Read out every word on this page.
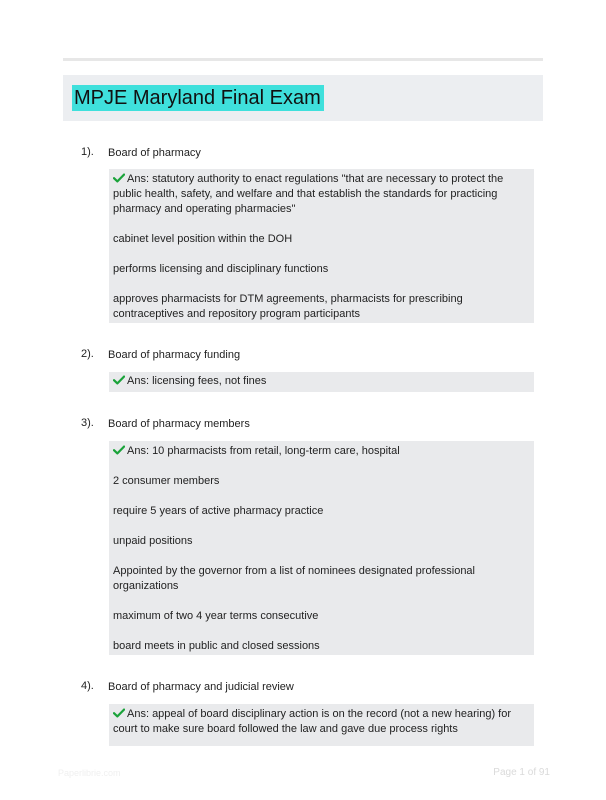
MPJE Maryland Final Exam
1). Board of pharmacy

Ans: statutory authority to enact regulations "that are necessary to protect the public health, safety, and welfare and that establish the standards for practicing pharmacy and operating pharmacies"

cabinet level position within the DOH

performs licensing and disciplinary functions

approves pharmacists for DTM agreements, pharmacists for prescribing contraceptives and repository program participants

2). Board of pharmacy funding

Ans: licensing fees, not fines

3). Board of pharmacy members

Ans: 10 pharmacists from retail, long-term care, hospital

2 consumer members

require 5 years of active pharmacy practice

unpaid positions

Appointed by the governor from a list of nominees designated professional organizations

maximum of two 4 year terms consecutive

board meets in public and closed sessions

4). Board of pharmacy and judicial review

Ans: appeal of board disciplinary action is on the record (not a new hearing) for court to make sure board followed the law and gave due process rights

Paperlibrie.com	Page 1 of 91
